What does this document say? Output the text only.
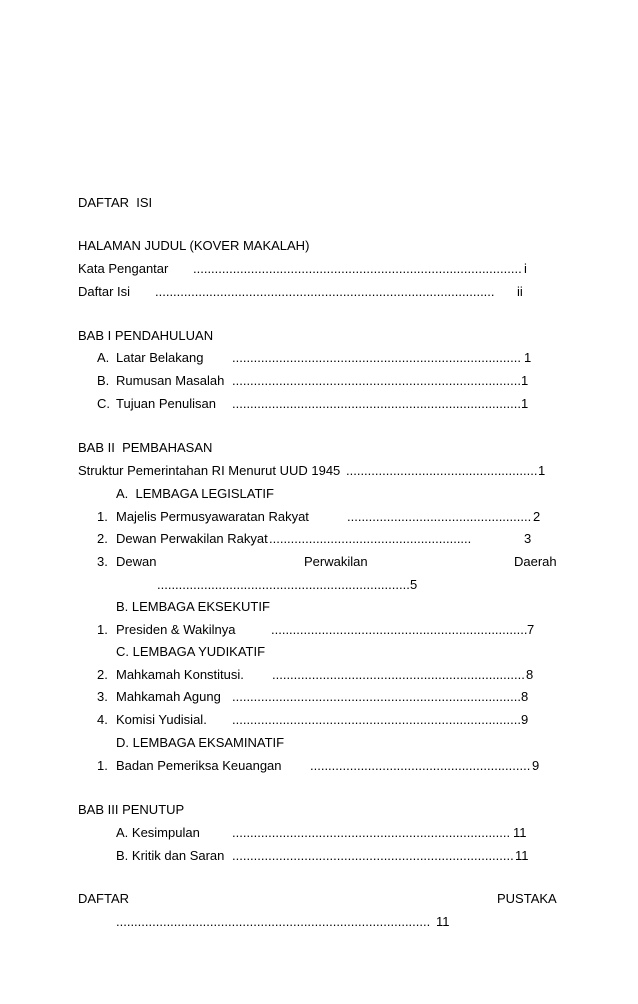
DAFTAR  ISI
HALAMAN JUDUL (KOVER MAKALAH)
Kata Pengantar ........................................................................................... i
Daftar Isi .............................................................................................. ii
BAB I PENDAHULUAN
A. Latar Belakang ................................................................................ 1
B. Rumusan Masalah ................................................................................ 1
C. Tujuan Penulisan ................................................................................ 1
BAB II  PEMBAHASAN
Struktur Pemerintahan RI Menurut UUD 1945 ..................................................... 1
A.  LEMBAGA LEGISLATIF
1. Majelis Permusyawaratan Rakyat	................................................... 2
2. Dewan Perwakilan Rakyat ........................................................	3
3. Dewan	Perwakilan	Daerah
...................................................................... 5
B. LEMBAGA EKSEKUTIF
1. Presiden & Wakilnya	....................................................................... 7
C. LEMBAGA YUDIKATIF
2. Mahkamah Konstitusi. ...................................................................... 8
3. Mahkamah Agung ................................................................................ 8
4. Komisi Yudisial. ................................................................................ 9
D. LEMBAGA EKSAMINATIF
1. Badan Pemeriksa Keuangan ............................................................. 9
BAB III PENUTUP
A. Kesimpulan ............................................................................. 11
B. Kritik dan Saran .............................................................................. 11
DAFTAR	PUSTAKA
....................................................................................... 11
